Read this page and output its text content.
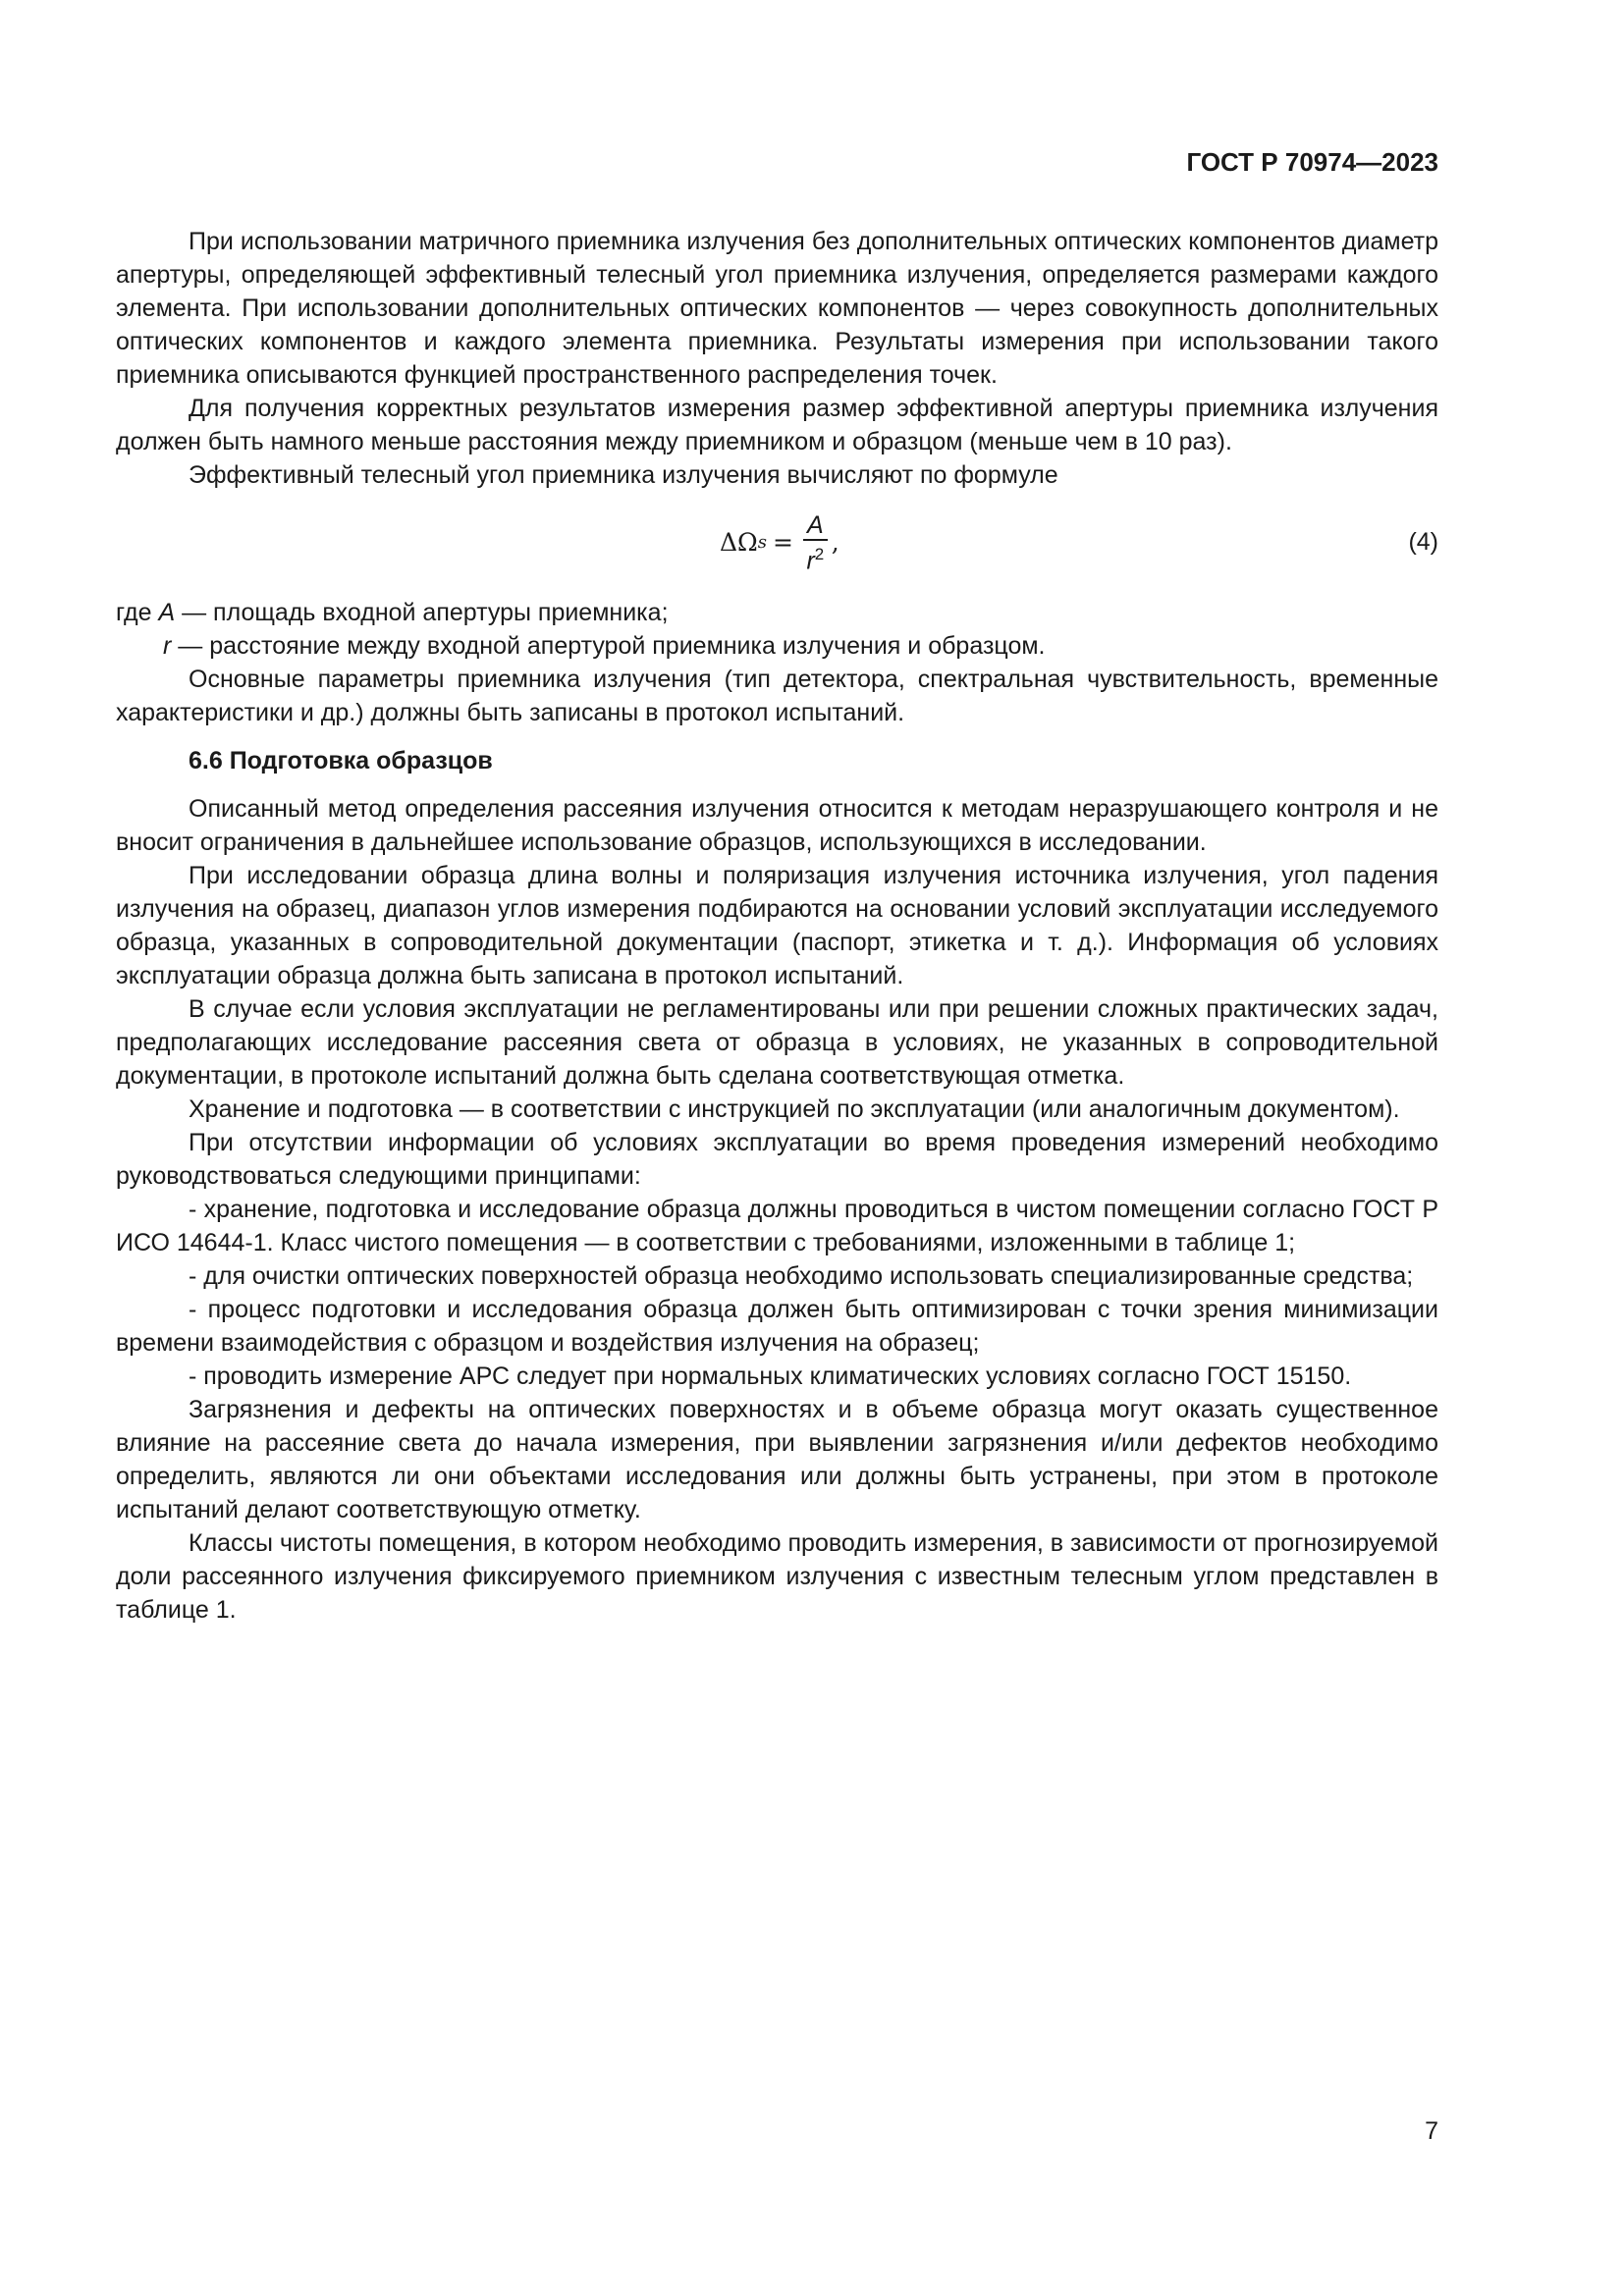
ГОСТ Р 70974—2023

При использовании матричного приемника излучения без дополнительных оптических компонентов диаметр апертуры, определяющей эффективный телесный угол приемника излучения, определяется размерами каждого элемента. При использовании дополнительных оптических компонентов — через совокупность дополнительных оптических компонентов и каждого элемента приемника. Результаты измерения при использовании такого приемника описываются функцией пространственного распределения точек.

Для получения корректных результатов измерения размер эффективной апертуры приемника излучения должен быть намного меньше расстояния между приемником и образцом (меньше чем в 10 раз).

Эффективный телесный угол приемника излучения вычисляют по формуле

ΔΩ $s = \frac{A}{r^2}$ ,	(4)

где A — площадь входной апертуры приемника;

r — расстояние между входной апертурой приемника излучения и образцом.

Основные параметры приемника излучения (тип детектора, спектральная чувствительность, временные характеристики и др.) должны быть записаны в протокол испытаний.

6.6 Подготовка образцов

Описанный метод определения рассеяния излучения относится к методам неразрушающего контроля и не вносит ограничения в дальнейшее использование образцов, использующихся в исследовании.

При исследовании образца длина волны и поляризация излучения источника излучения, угол падения излучения на образец, диапазон углов измерения подбираются на основании условий эксплуатации исследуемого образца, указанных в сопроводительной документации (паспорт, этикетка и т. д.). Информация об условиях эксплуатации образца должна быть записана в протокол испытаний.

В случае если условия эксплуатации не регламентированы или при решении сложных практических задач, предполагающих исследование рассеяния света от образца в условиях, не указанных в сопроводительной документации, в протоколе испытаний должна быть сделана соответствующая отметка.

Хранение и подготовка — в соответствии с инструкцией по эксплуатации (или аналогичным документом).

При отсутствии информации об условиях эксплуатации во время проведения измерений необходимо руководствоваться следующими принципами:

- хранение, подготовка и исследование образца должны проводиться в чистом помещении согласно ГОСТ Р ИСО 14644-1. Класс чистого помещения — в соответствии с требованиями, изложенными в таблице 1;

- для очистки оптических поверхностей образца необходимо использовать специализированные средства;

- процесс подготовки и исследования образца должен быть оптимизирован с точки зрения минимизации времени взаимодействия с образцом и воздействия излучения на образец;

- проводить измерение АРС следует при нормальных климатических условиях согласно ГОСТ 15150.

Загрязнения и дефекты на оптических поверхностях и в объеме образца могут оказать существенное влияние на рассеяние света до начала измерения, при выявлении загрязнения и/или дефектов необходимо определить, являются ли они объектами исследования или должны быть устранены, при этом в протоколе испытаний делают соответствующую отметку.

Классы чистоты помещения, в котором необходимо проводить измерения, в зависимости от прогнозируемой доли рассеянного излучения фиксируемого приемником излучения с известным телесным углом представлен в таблице 1.

7
